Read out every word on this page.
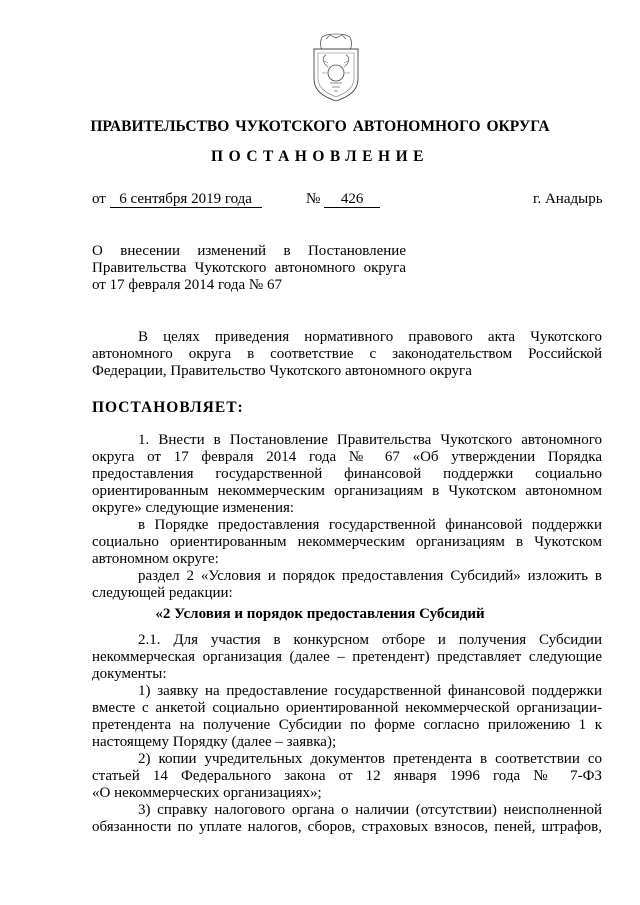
ПРАВИТЕЛЬСТВО ЧУКОТСКОГО АВТОНОМНОГО ОКРУГА
ПОСТАНОВЛЕНИЕ
от 6 сентября 2019 года	№ 426	г. Анадырь
О внесении изменений в Постановление
Правительства Чукотского автономного округа
от 17 февраля 2014 года № 67
В целях приведения нормативного правового акта Чукотского
автономного округа в соответствие с законодательством Российской
Федерации, Правительство Чукотского автономного округа
ПОСТАНОВЛЯЕТ:
1. Внести в Постановление Правительства Чукотского автономного
округа от 17 февраля 2014 года № 67 «Об утверждении Порядка
предоставления государственной финансовой поддержки социально
ориентированным некоммерческим организациям в Чукотском автономном
округе» следующие изменения:
в Порядке предоставления государственной финансовой поддержки
социально ориентированным некоммерческим организациям в Чукотском
автономном округе:
раздел 2 «Условия и порядок предоставления Субсидий» изложить в
следующей редакции:
«2 Условия и порядок предоставления Субсидий
2.1. Для участия в конкурсном отборе и получения Субсидии
некоммерческая организация (далее – претендент) представляет следующие
документы:
1) заявку на предоставление государственной финансовой поддержки
вместе с анкетой социально ориентированной некоммерческой организации-
претендента на получение Субсидии по форме согласно приложению 1 к
настоящему Порядку (далее – заявка);
2) копии учредительных документов претендента в соответствии со
статьей 14 Федерального закона от 12 января 1996 года № 7-ФЗ
«О некоммерческих организациях»;
3) справку налогового органа о наличии (отсутствии) неисполненной
обязанности по уплате налогов, сборов, страховых взносов, пеней, штрафов,
